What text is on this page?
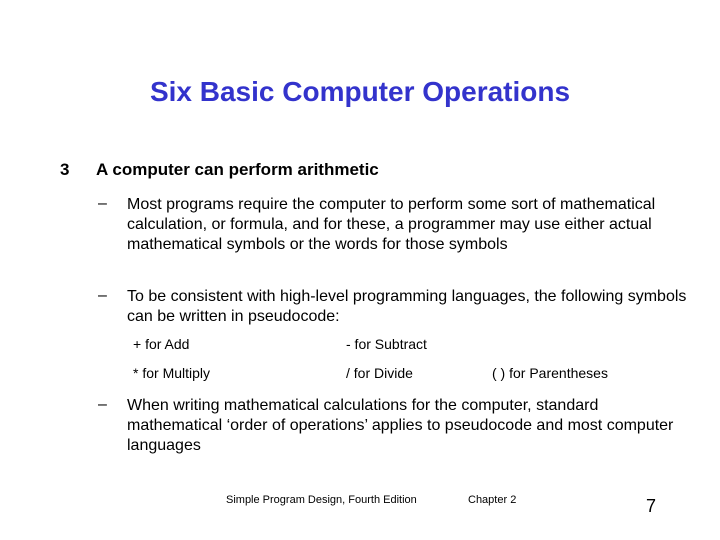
Six Basic Computer Operations
3 A computer can perform arithmetic
– Most programs require the computer to perform some sort of mathematical calculation, or formula, and for these, a programmer may use either actual mathematical symbols or the words for those symbols
– To be consistent with high-level programming languages, the following symbols can be written in pseudocode:
+ for Add	- for Subtract
* for Multiply	/ for Divide	( ) for Parentheses
– When writing mathematical calculations for the computer, standard mathematical ‘order of operations’ applies to pseudocode and most computer languages
Simple Program Design, Fourth Edition	Chapter 2	7
